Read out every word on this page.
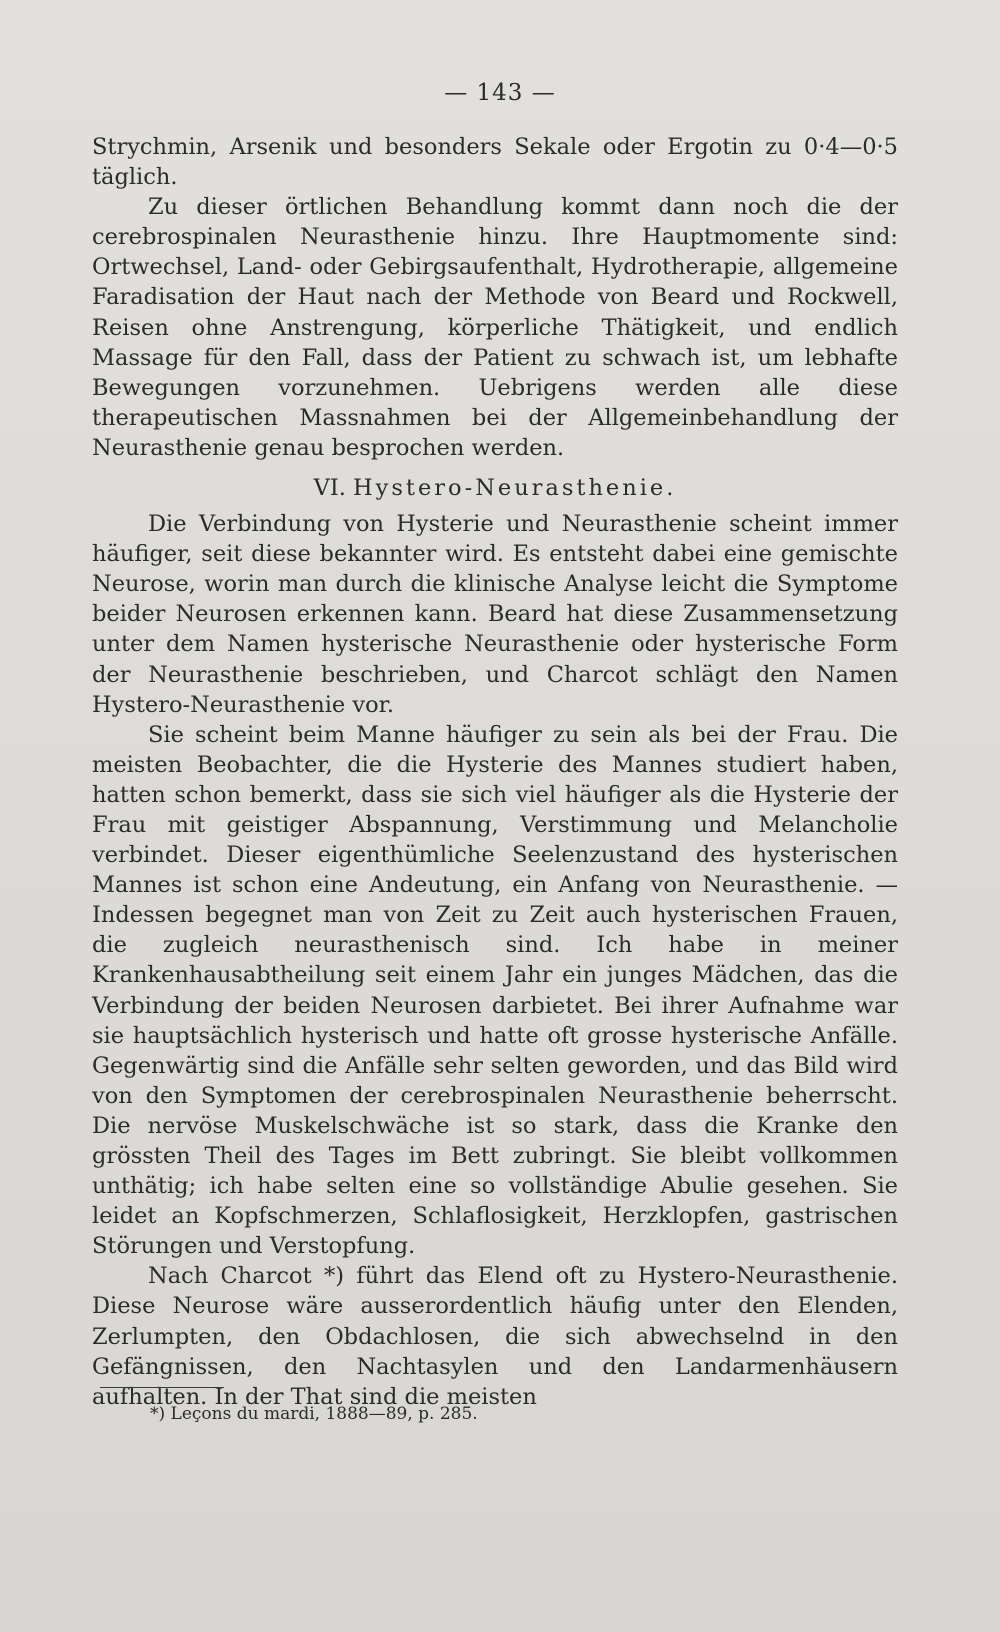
— 143 —

Strychmin, Arsenik und besonders Sekale oder Ergotin zu 0·4—0·5 täglich.

Zu dieser örtlichen Behandlung kommt dann noch die der cerebrospinalen Neurasthenie hinzu. Ihre Hauptmomente sind: Ortwechsel, Land- oder Gebirgsaufenthalt, Hydrotherapie, allgemeine Faradisation der Haut nach der Methode von Beard und Rockwell, Reisen ohne Anstrengung, körperliche Thätigkeit, und endlich Massage für den Fall, dass der Patient zu schwach ist, um lebhafte Bewegungen vorzunehmen. Uebrigens werden alle diese therapeutischen Massnahmen bei der Allgemeinbehandlung der Neurasthenie genau besprochen werden.

VI. Hystero-Neurasthenie.

Die Verbindung von Hysterie und Neurasthenie scheint immer häufiger, seit diese bekannter wird. Es entsteht dabei eine gemischte Neurose, worin man durch die klinische Analyse leicht die Symptome beider Neurosen erkennen kann. Beard hat diese Zusammensetzung unter dem Namen hysterische Neurasthenie oder hysterische Form der Neurasthenie beschrieben, und Charcot schlägt den Namen Hystero-Neurasthenie vor.

Sie scheint beim Manne häufiger zu sein als bei der Frau. Die meisten Beobachter, die die Hysterie des Mannes studiert haben, hatten schon bemerkt, dass sie sich viel häufiger als die Hysterie der Frau mit geistiger Abspannung, Verstimmung und Melancholie verbindet. Dieser eigenthümliche Seelenzustand des hysterischen Mannes ist schon eine Andeutung, ein Anfang von Neurasthenie. — Indessen begegnet man von Zeit zu Zeit auch hysterischen Frauen, die zugleich neurasthenisch sind. Ich habe in meiner Krankenhausabtheilung seit einem Jahr ein junges Mädchen, das die Verbindung der beiden Neurosen darbietet. Bei ihrer Aufnahme war sie hauptsächlich hysterisch und hatte oft grosse hysterische Anfälle. Gegenwärtig sind die Anfälle sehr selten geworden, und das Bild wird von den Symptomen der cerebrospinalen Neurasthenie beherrscht. Die nervöse Muskelschwäche ist so stark, dass die Kranke den grössten Theil des Tages im Bett zubringt. Sie bleibt vollkommen unthätig; ich habe selten eine so vollständige Abulie gesehen. Sie leidet an Kopfschmerzen, Schlaflosigkeit, Herzklopfen, gastrischen Störungen und Verstopfung.

Nach Charcot *) führt das Elend oft zu Hystero-Neurasthenie. Diese Neurose wäre ausserordentlich häufig unter den Elenden, Zerlumpten, den Obdachlosen, die sich abwechselnd in den Gefängnissen, den Nachtasylen und den Landarmenhäusern aufhalten. In der That sind die meisten

*) Leçons du mardi, 1888—89, p. 285.
